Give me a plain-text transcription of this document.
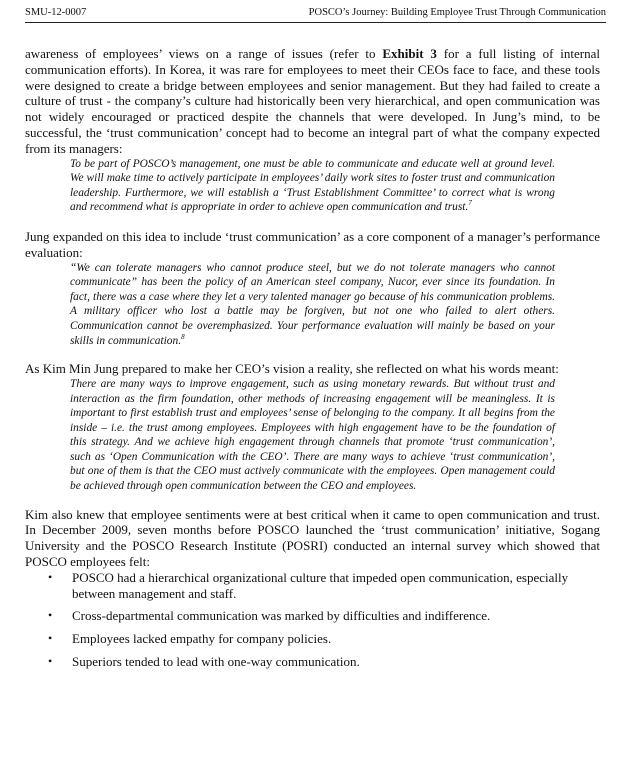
SMU-12-0007	POSCO’s Journey: Building Employee Trust Through Communication

awareness of employees’ views on a range of issues (refer to Exhibit 3 for a full listing of internal communication efforts). In Korea, it was rare for employees to meet their CEOs face to face, and these tools were designed to create a bridge between employees and senior management. But they had failed to create a culture of trust - the company’s culture had historically been very hierarchical, and open communication was not widely encouraged or practiced despite the channels that were developed. In Jung’s mind, to be successful, the ‘trust communication’ concept had to become an integral part of what the company expected from its managers:

To be part of POSCO’s management, one must be able to communicate and educate well at ground level. We will make time to actively participate in employees’ daily work sites to foster trust and communication leadership. Furthermore, we will establish a ‘Trust Establishment Committee’ to correct what is wrong and recommend what is appropriate in order to achieve open communication and trust.$^7$

Jung expanded on this idea to include ‘trust communication’ as a core component of a manager’s performance evaluation:

“We can tolerate managers who cannot produce steel, but we do not tolerate managers who cannot communicate” has been the policy of an American steel company, Nucor, ever since its foundation. In fact, there was a case where they let a very talented manager go because of his communication problems. A military officer who lost a battle may be forgiven, but not one who failed to alert others. Communication cannot be overemphasized. Your performance evaluation will mainly be based on your skills in communication.$^8$

As Kim Min Jung prepared to make her CEO’s vision a reality, she reflected on what his words meant:

There are many ways to improve engagement, such as using monetary rewards. But without trust and interaction as the firm foundation, other methods of increasing engagement will be meaningless. It is important to first establish trust and employees’ sense of belonging to the company. It all begins from the inside – i.e. the trust among employees. Employees with high engagement have to be the foundation of this strategy. And we achieve high engagement through channels that promote ‘trust communication’, such as ‘Open Communication with the CEO’. There are many ways to achieve ‘trust communication’, but one of them is that the CEO must actively communicate with the employees. Open management could be achieved through open communication between the CEO and employees.

Kim also knew that employee sentiments were at best critical when it came to open communication and trust. In December 2009, seven months before POSCO launched the ‘trust communication’ initiative, Sogang University and the POSCO Research Institute (POSRI) conducted an internal survey which showed that POSCO employees felt:

• POSCO had a hierarchical organizational culture that impeded open communication, especially between management and staff.
• Cross-departmental communication was marked by difficulties and indifference.
• Employees lacked empathy for company policies.
• Superiors tended to lead with one-way communication.
